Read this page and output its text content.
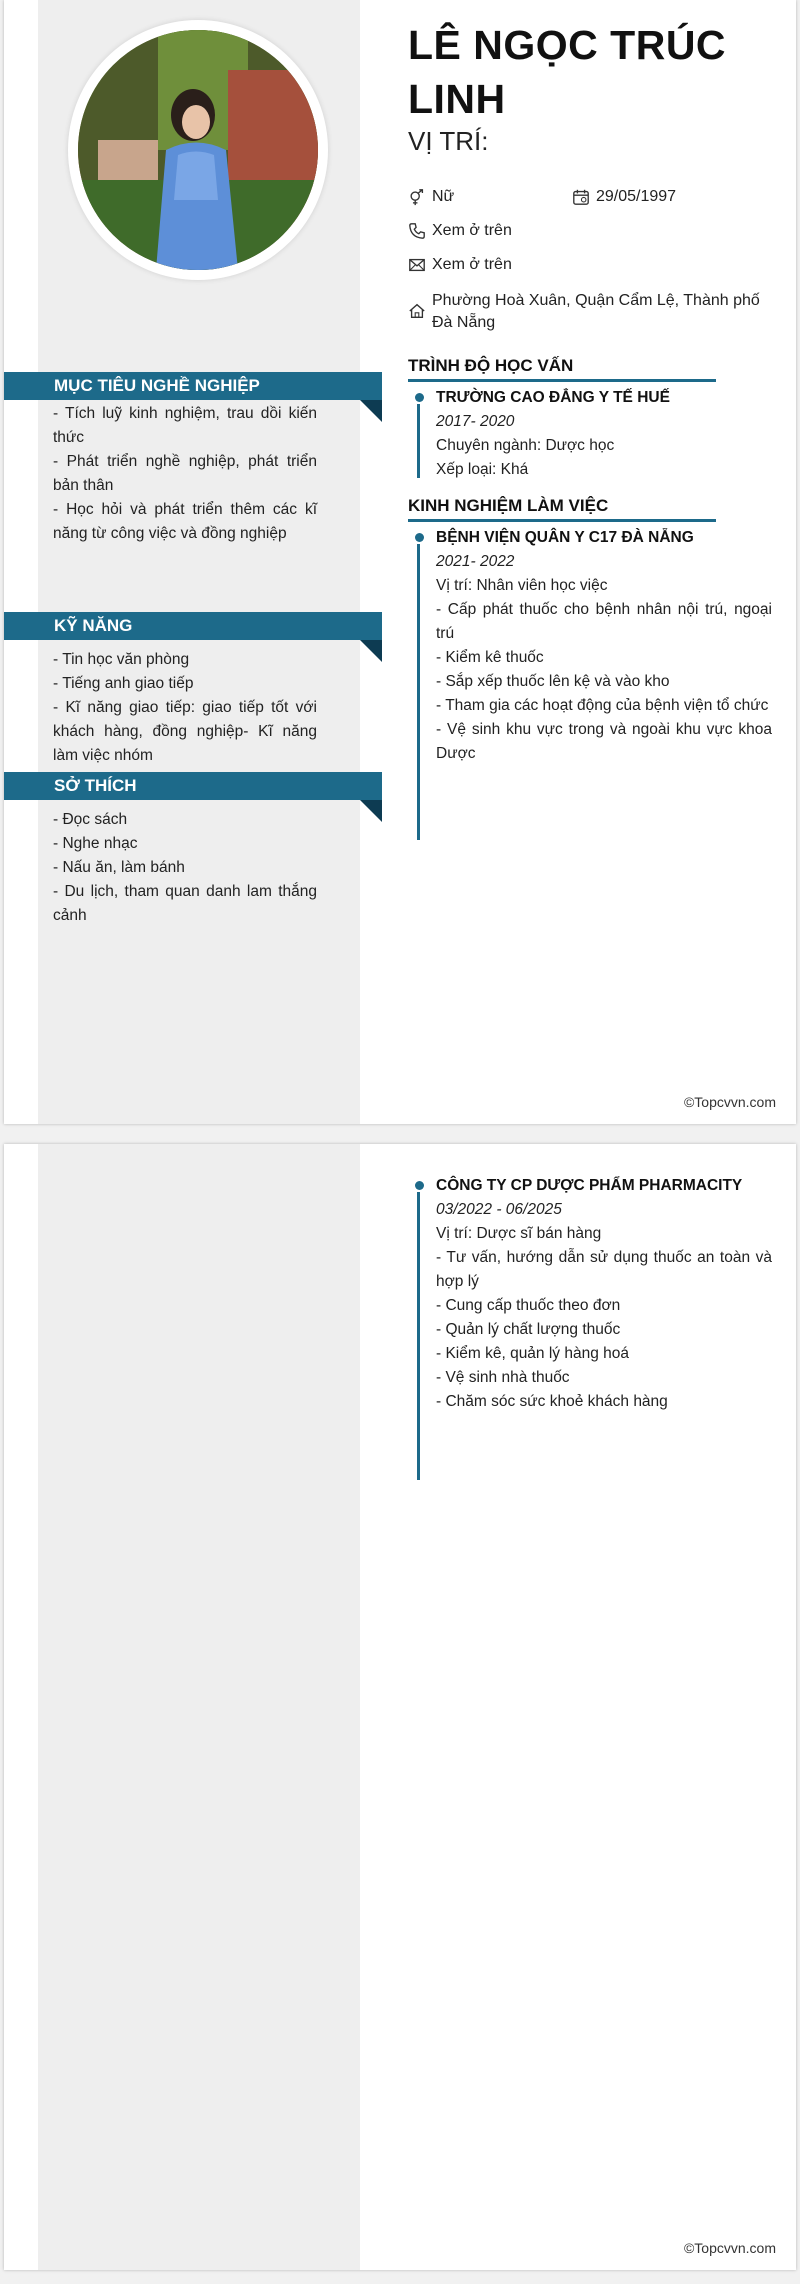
LÊ NGỌC TRÚC LINH
VỊ TRÍ:
Nữ	29/05/1997
Xem ở trên
Xem ở trên
Phường Hoà Xuân, Quận Cẩm Lệ, Thành phố Đà Nẵng
MỤC TIÊU NGHỀ NGHIỆP
- Tích luỹ kinh nghiệm, trau dồi kiến thức
- Phát triển nghề nghiệp, phát triển bản thân
- Học hỏi và phát triển thêm các kĩ năng từ công việc và đồng nghiệp
KỸ NĂNG
- Tin học văn phòng
- Tiếng anh giao tiếp
- Kĩ năng giao tiếp: giao tiếp tốt với khách hàng, đồng nghiệp- Kĩ năng làm việc nhóm
SỞ THÍCH
- Đọc sách
- Nghe nhạc
- Nấu ăn, làm bánh
- Du lịch, tham quan danh lam thắng cảnh
TRÌNH ĐỘ HỌC VẤN
TRƯỜNG CAO ĐẲNG Y TẾ HUẾ
2017- 2020
Chuyên ngành: Dược học
Xếp loại: Khá
KINH NGHIỆM LÀM VIỆC
BỆNH VIỆN QUÂN Y C17 ĐÀ NẴNG
2021- 2022
Vị trí: Nhân viên học việc
- Cấp phát thuốc cho bệnh nhân nội trú, ngoại trú
- Kiểm kê thuốc
- Sắp xếp thuốc lên kệ và vào kho
- Tham gia các hoạt động của bệnh viện tổ chức
- Vệ sinh khu vực trong và ngoài khu vực khoa Dược
©Topcvvn.com
CÔNG TY CP DƯỢC PHẨM PHARMACITY
03/2022 - 06/2025
Vị trí: Dược sĩ bán hàng
- Tư vấn, hướng dẫn sử dụng thuốc an toàn và hợp lý
- Cung cấp thuốc theo đơn
- Quản lý chất lượng thuốc
- Kiểm kê, quản lý hàng hoá
- Vệ sinh nhà thuốc
- Chăm sóc sức khoẻ khách hàng
©Topcvvn.com
